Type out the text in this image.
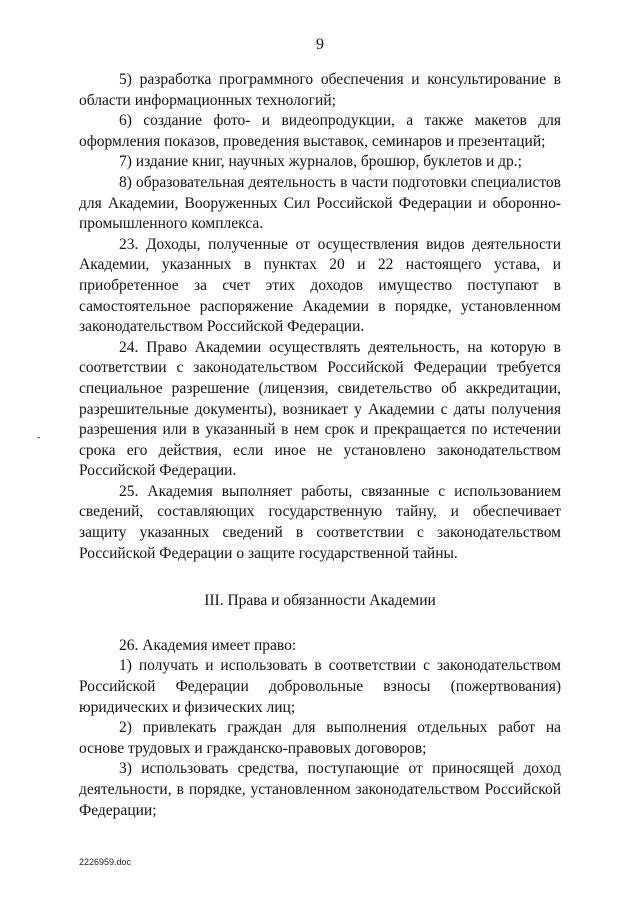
9

5) разработка программного обеспечения и консультирование в области информационных технологий;

6) создание фото- и видеопродукции, а также макетов для оформления показов, проведения выставок, семинаров и презентаций;

7) издание книг, научных журналов, брошюр, буклетов и др.;

8) образовательная деятельность в части подготовки специалистов для Академии, Вооруженных Сил Российской Федерации и оборонно-промышленного комплекса.

23. Доходы, полученные от осуществления видов деятельности Академии, указанных в пунктах 20 и 22 настоящего устава, и приобретенное за счет этих доходов имущество поступают в самостоятельное распоряжение Академии в порядке, установленном законодательством Российской Федерации.

24. Право Академии осуществлять деятельность, на которую в соответствии с законодательством Российской Федерации требуется специальное разрешение (лицензия, свидетельство об аккредитации, разрешительные документы), возникает у Академии с даты получения разрешения или в указанный в нем срок и прекращается по истечении срока его действия, если иное не установлено законодательством Российской Федерации.

25. Академия выполняет работы, связанные с использованием сведений, составляющих государственную тайну, и обеспечивает защиту указанных сведений в соответствии с законодательством Российской Федерации о защите государственной тайны.

III. Права и обязанности Академии

26. Академия имеет право:

1) получать и использовать в соответствии с законодательством Российской Федерации добровольные взносы (пожертвования) юридических и физических лиц;

2) привлекать граждан для выполнения отдельных работ на основе трудовых и гражданско-правовых договоров;

3) использовать средства, поступающие от приносящей доход деятельности, в порядке, установленном законодательством Российской Федерации;

2226959.doc
